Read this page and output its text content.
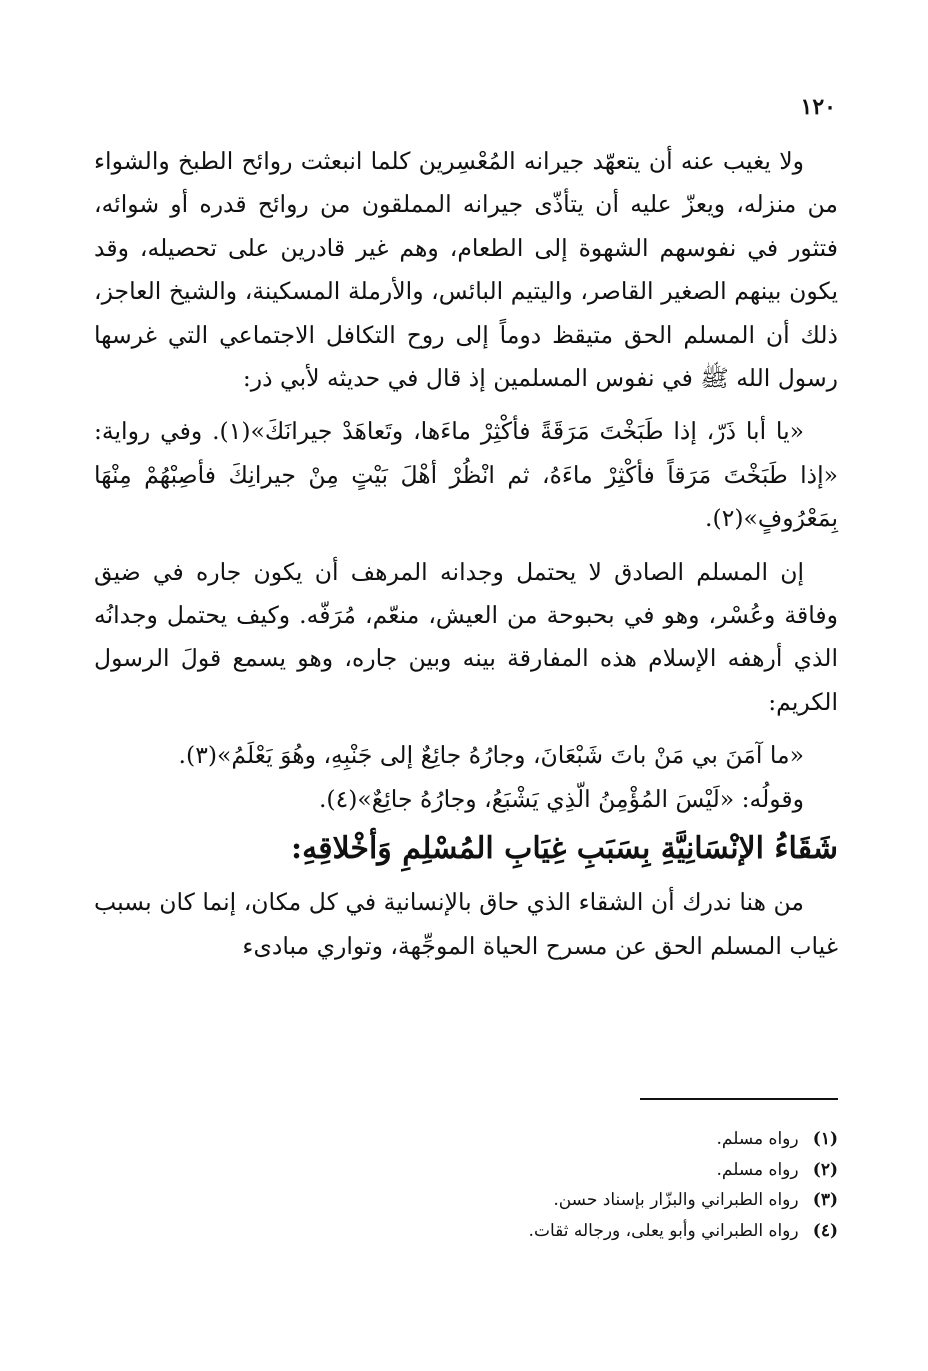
١٢٠

ولا يغيب عنه أن يتعهّد جيرانه المُعْسِرين كلما انبعثت روائح الطبخ والشواء من منزله، ويعزّ عليه أن يتأذّى جيرانه المملقون من روائح قدره أو شوائه، فتثور في نفوسهم الشهوة إلى الطعام، وهم غير قادرين على تحصيله، وقد يكون بينهم الصغير القاصر، واليتيم البائس، والأرملة المسكينة، والشيخ العاجز، ذلك أن المسلم الحق متيقظ دوماً إلى روح التكافل الاجتماعي التي غرسها رسول الله ﷺ في نفوس المسلمين إذ قال في حديثه لأبي ذر:

«يا أبا ذَرّ، إذا طَبَخْتَ مَرَقَةً فأكْثِرْ ماءَها، وتَعاهَدْ جيرانَكَ»(١). وفي رواية: «إذا طَبَخْتَ مَرَقاً فأكْثِرْ ماءَهُ، ثم انْظُرْ أهْلَ بَيْتٍ مِنْ جيرانِكَ فأصِبْهُمْ مِنْهَا بِمَعْرُوفٍ»(٢).

إن المسلم الصادق لا يحتمل وجدانه المرهف أن يكون جاره في ضيق وفاقة وعُسْر، وهو في بحبوحة من العيش، منعّم، مُرَفّه. وكيف يحتمل وجدانُه الذي أرهفه الإسلام هذه المفارقة بينه وبين جاره، وهو يسمع قولَ الرسول الكريم:

«ما آمَنَ بي مَنْ باتَ شَبْعَانَ، وجارُهُ جائِعٌ إلى جَنْبِهِ، وهُوَ يَعْلَمُ»(٣).

وقولُه: «لَيْسَ المُؤْمِنُ الّذِي يَشْبَعُ، وجارُهُ جائِعٌ»(٤).

شَقَاءُ الإنْسَانِيَّةِ بِسَبَبِ غِيَابِ المُسْلِمِ وَأخْلاقِهِ:

من هنا ندرك أن الشقاء الذي حاق بالإنسانية في كل مكان، إنما كان بسبب غياب المسلم الحق عن مسرح الحياة الموجِّهة، وتواري مبادىء

(١) رواه مسلم.
(٢) رواه مسلم.
(٣) رواه الطبراني والبزّار بإسناد حسن.
(٤) رواه الطبراني وأبو يعلى، ورجاله ثقات.
